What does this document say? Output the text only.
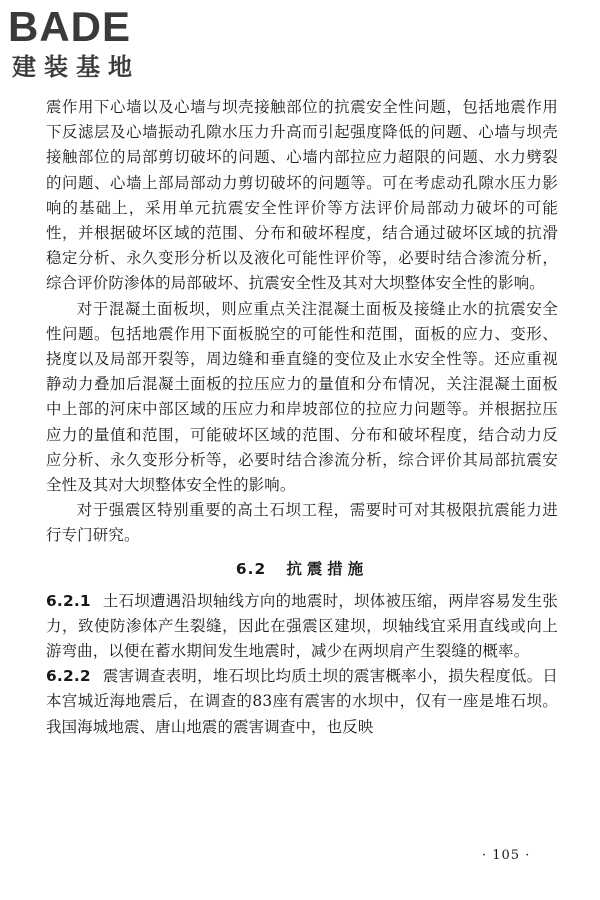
BADE
建装基地

震作用下心墙以及心墙与坝壳接触部位的抗震安全性问题，包括地震作用下反滤层及心墙振动孔隙水压力升高而引起强度降低的问题、心墙与坝壳接触部位的局部剪切破坏的问题、心墙内部拉应力超限的问题、水力劈裂的问题、心墙上部局部动力剪切破坏的问题等。可在考虑动孔隙水压力影响的基础上，采用单元抗震安全性评价等方法评价局部动力破坏的可能性，并根据破坏区域的范围、分布和破坏程度，结合通过破坏区域的抗滑稳定分析、永久变形分析以及液化可能性评价等，必要时结合渗流分析，综合评价防渗体的局部破坏、抗震安全性及其对大坝整体安全性的影响。

对于混凝土面板坝，则应重点关注混凝土面板及接缝止水的抗震安全性问题。包括地震作用下面板脱空的可能性和范围，面板的应力、变形、挠度以及局部开裂等，周边缝和垂直缝的变位及止水安全性等。还应重视静动力叠加后混凝土面板的拉压应力的量值和分布情况，关注混凝土面板中上部的河床中部区域的压应力和岸坡部位的拉应力问题等。并根据拉压应力的量值和范围，可能破坏区域的范围、分布和破坏程度，结合动力反应分析、永久变形分析等，必要时结合渗流分析，综合评价其局部抗震安全性及其对大坝整体安全性的影响。

对于强震区特别重要的高土石坝工程，需要时可对其极限抗震能力进行专门研究。

6.2 抗震措施

6.2.1 土石坝遭遇沿坝轴线方向的地震时，坝体被压缩，两岸容易发生张力，致使防渗体产生裂缝，因此在强震区建坝，坝轴线宜采用直线或向上游弯曲，以便在蓄水期间发生地震时，减少在两坝肩产生裂缝的概率。

6.2.2 震害调查表明，堆石坝比均质土坝的震害概率小，损失程度低。日本宫城近海地震后，在调查的83座有震害的水坝中，仅有一座是堆石坝。我国海城地震、唐山地震的震害调查中，也反映

· 105 ·
